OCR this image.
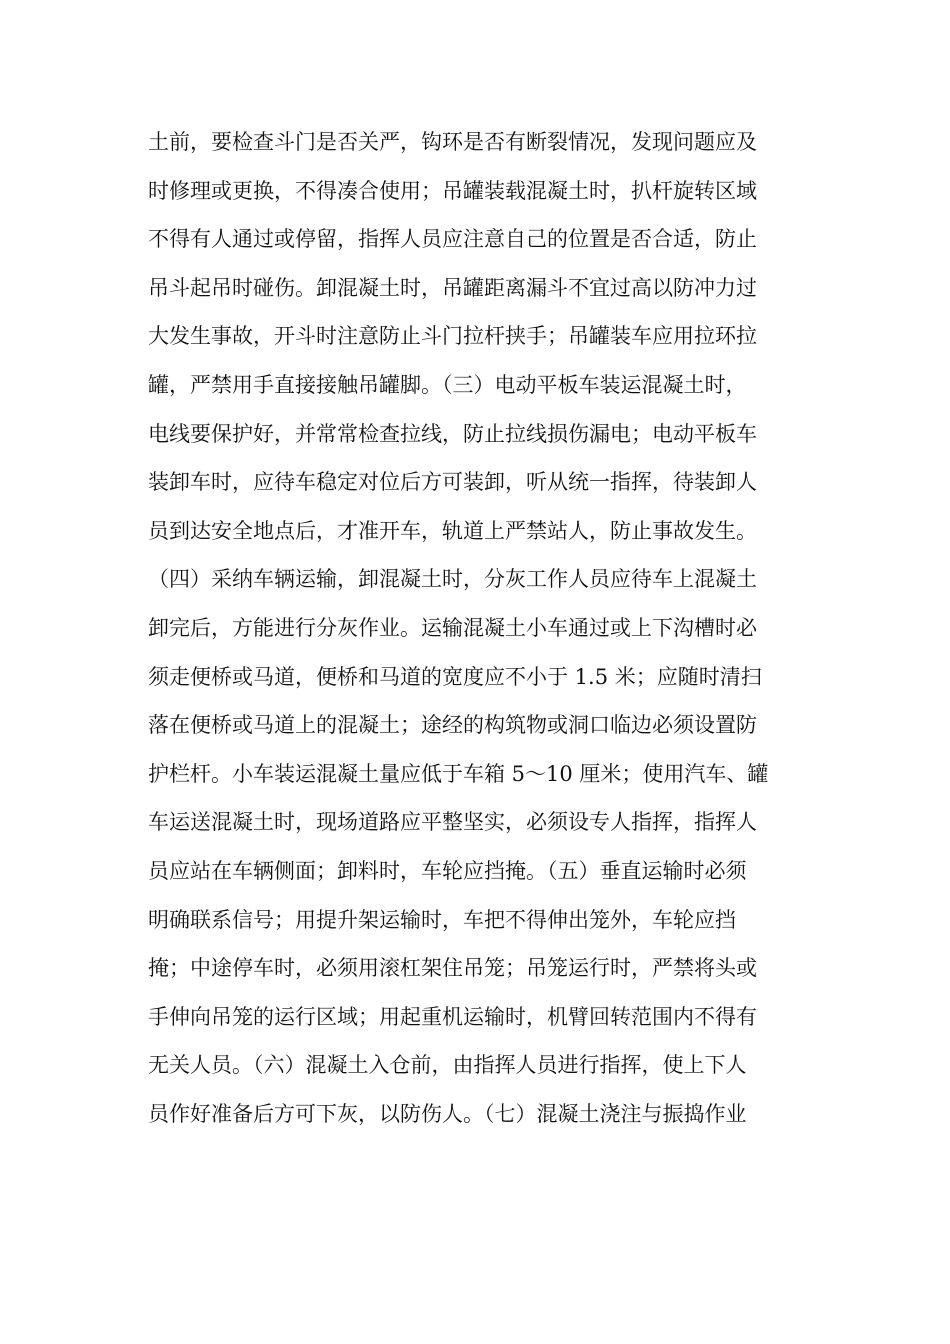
土前，要检查斗门是否关严，钩环是否有断裂情况，发现问题应及
时修理或更换，不得凑合使用；吊罐装载混凝土时，扒杆旋转区域
不得有人通过或停留，指挥人员应注意自己的位置是否合适，防止
吊斗起吊时碰伤。卸混凝土时，吊罐距离漏斗不宜过高以防冲力过
大发生事故，开斗时注意防止斗门拉杆挟手；吊罐装车应用拉环拉
罐，严禁用手直接接触吊罐脚。（三）电动平板车装运混凝土时，
电线要保护好，并常常检查拉线，防止拉线损伤漏电；电动平板车
装卸车时，应待车稳定对位后方可装卸，听从统一指挥，待装卸人
员到达安全地点后，才准开车，轨道上严禁站人，防止事故发生。
（四）采纳车辆运输，卸混凝土时，分灰工作人员应待车上混凝土
卸完后，方能进行分灰作业。运输混凝土小车通过或上下沟槽时必
须走便桥或马道，便桥和马道的宽度应不小于 1.5 米；应随时清扫
落在便桥或马道上的混凝土；途经的构筑物或洞口临边必须设置防
护栏杆。小车装运混凝土量应低于车箱 5～10 厘米；使用汽车、罐
车运送混凝土时，现场道路应平整坚实，必须设专人指挥，指挥人
员应站在车辆侧面；卸料时，车轮应挡掩。（五）垂直运输时必须
明确联系信号；用提升架运输时，车把不得伸出笼外，车轮应挡
掩；中途停车时，必须用滚杠架住吊笼；吊笼运行时，严禁将头或
手伸向吊笼的运行区域；用起重机运输时，机臂回转范围内不得有
无关人员。（六）混凝土入仓前，由指挥人员进行指挥，使上下人
员作好准备后方可下灰，以防伤人。（七）混凝土浇注与振捣作业
